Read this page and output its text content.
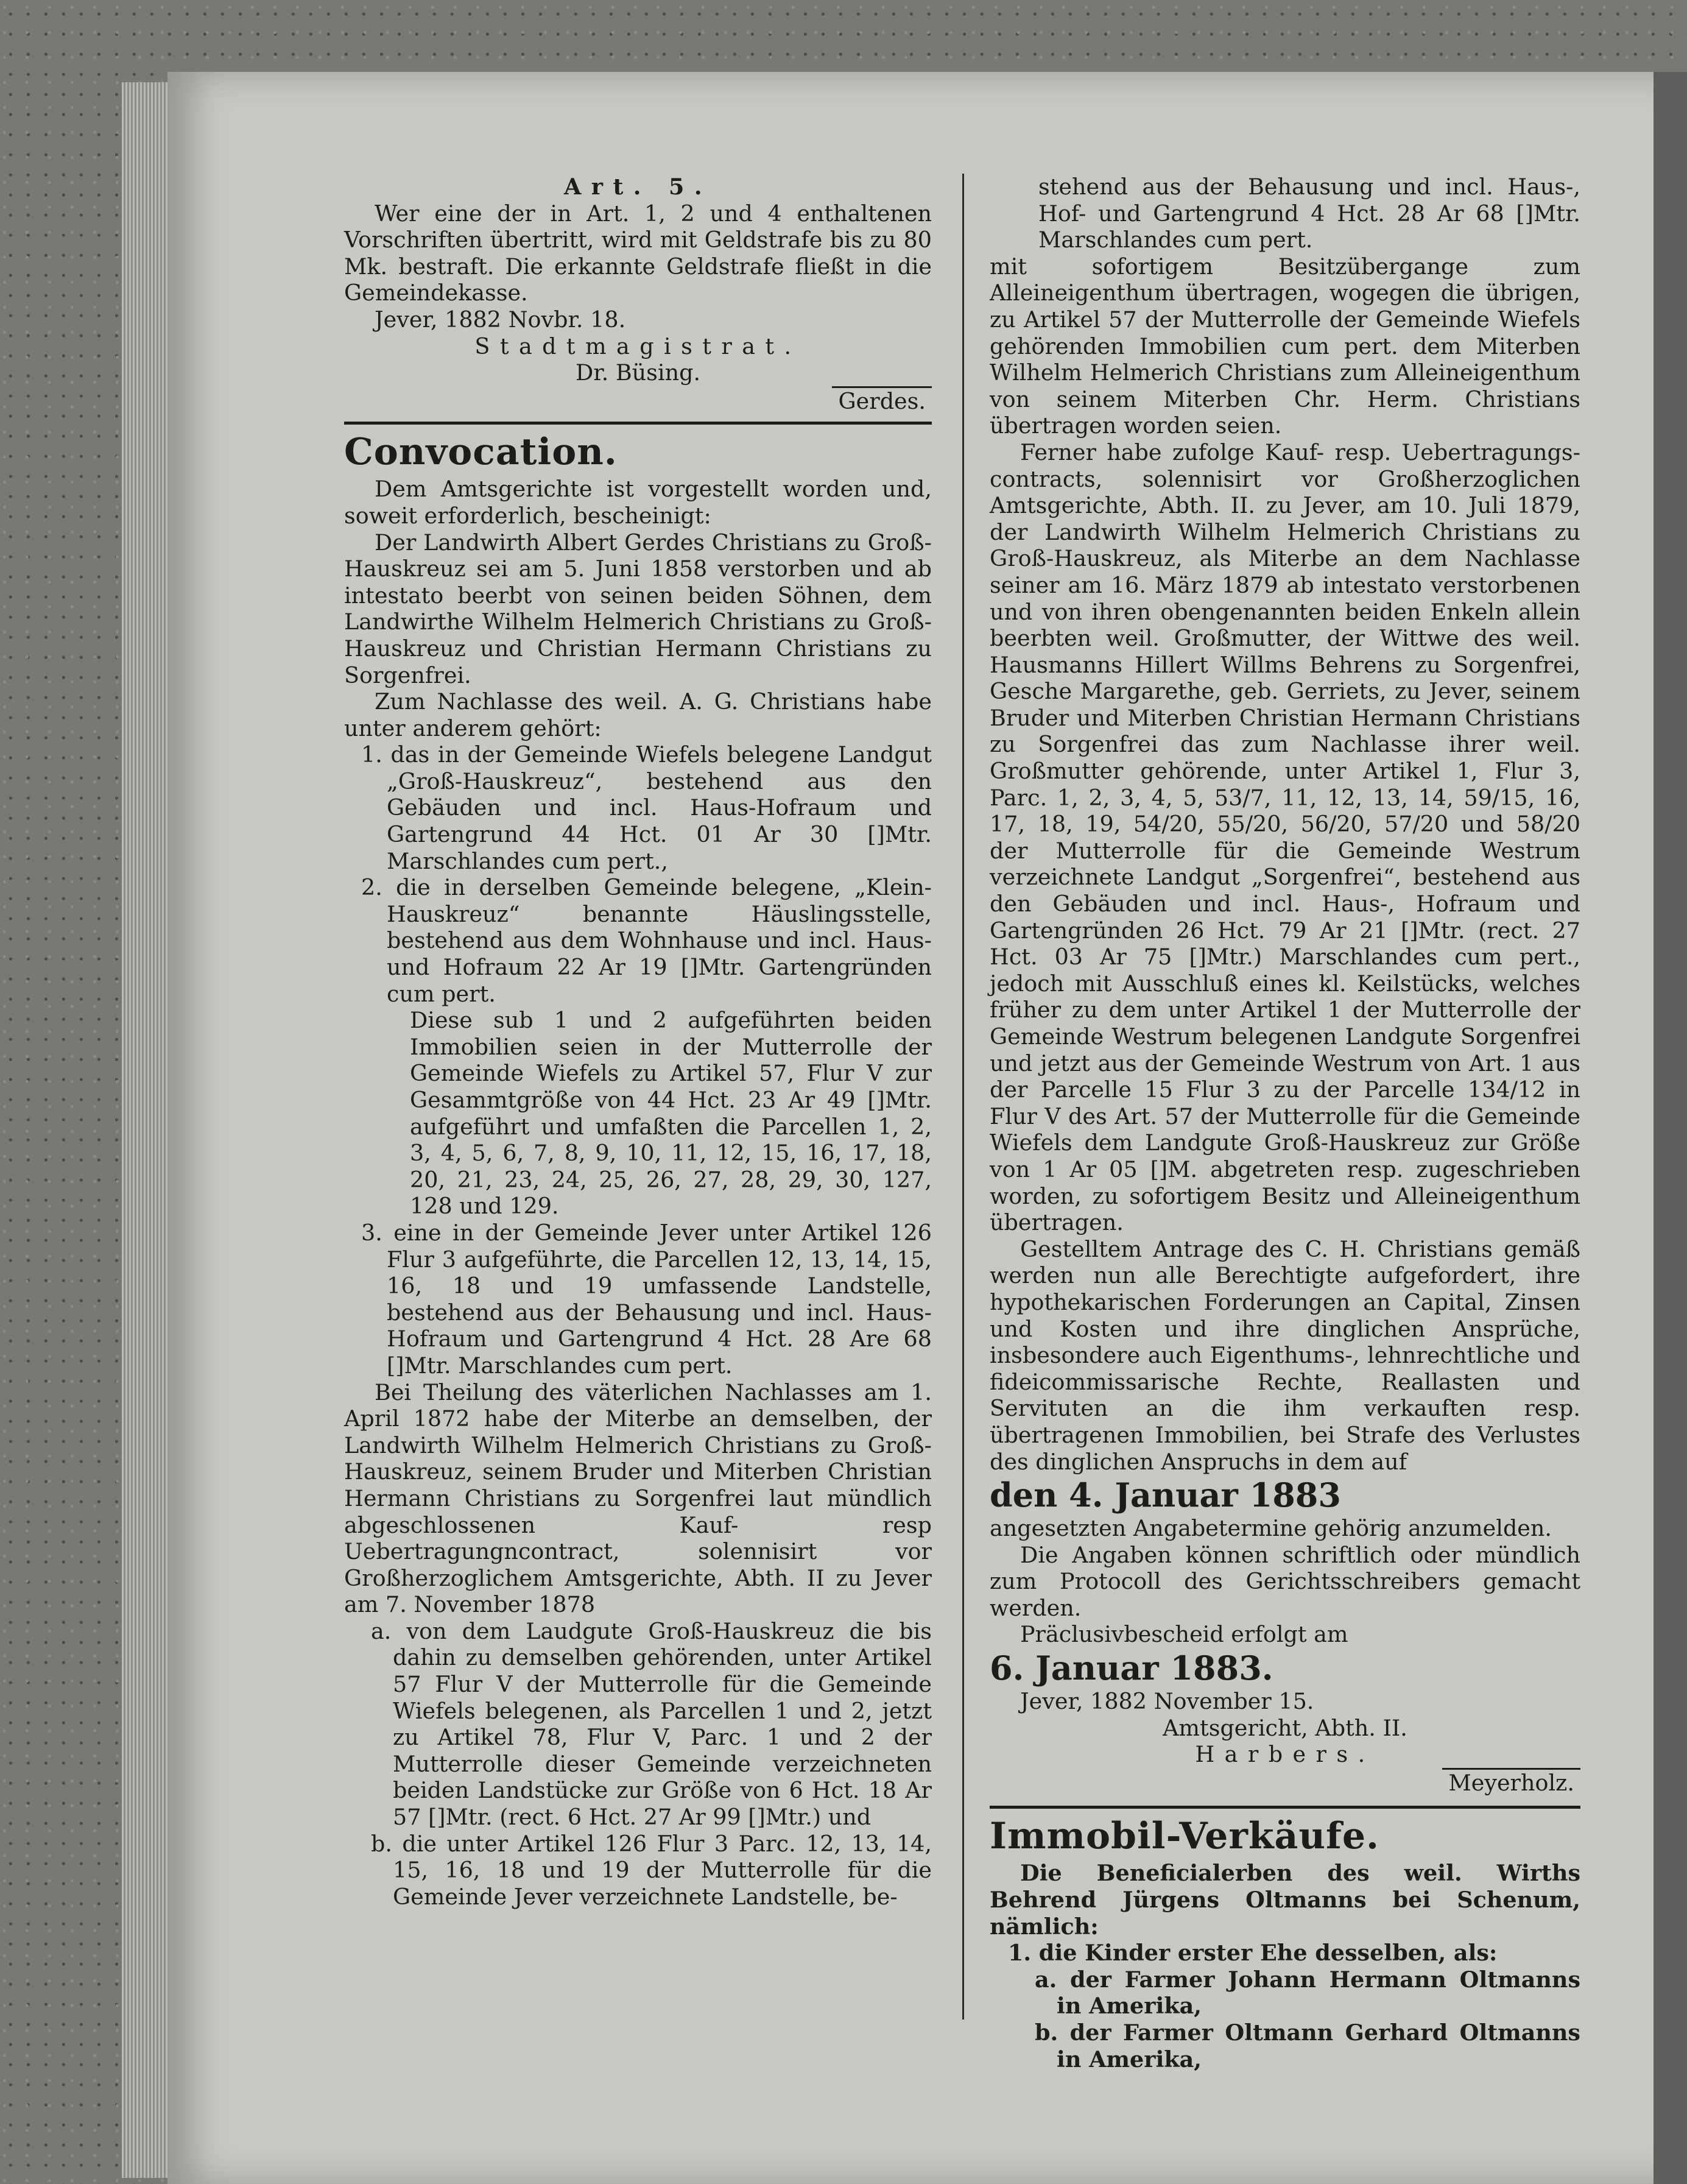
Art. 5.

Wer eine der in Art. 1, 2 und 4 enthaltenen Vorschriften übertritt, wird mit Geldstrafe bis zu 80 Mk. bestraft. Die erkannte Geldstrafe fließt in die Gemeindekasse.

Jever, 1882 Novbr. 18.

Stadtmagistrat.

Dr. Büsing.

Gerdes.

Convocation.

Dem Amtsgerichte ist vorgestellt worden und, soweit erforderlich, bescheinigt:

Der Landwirth Albert Gerdes Christians zu Groß-Hauskreuz sei am 5. Juni 1858 verstorben und ab intestato beerbt von seinen beiden Söhnen, dem Landwirthe Wilhelm Helmerich Christians zu Groß-Hauskreuz und Christian Hermann Christians zu Sorgenfrei.

Zum Nachlasse des weil. A. G. Christians habe unter anderem gehört:

1. das in der Gemeinde Wiefels belegene Landgut „Groß-Hauskreuz“, bestehend aus den Gebäuden und incl. Haus-Hofraum und Gartengrund 44 Hct. 01 Ar 30 []Mtr. Marschlandes cum pert.,

2. die in derselben Gemeinde belegene, „Klein-Hauskreuz“ benannte Häuslingsstelle, bestehend aus dem Wohnhause und incl. Haus- und Hofraum 22 Ar 19 []Mtr. Gartengründen cum pert.

Diese sub 1 und 2 aufgeführten beiden Immobilien seien in der Mutterrolle der Gemeinde Wiefels zu Artikel 57, Flur V zur Gesammtgröße von 44 Hct. 23 Ar 49 []Mtr. aufgeführt und umfaßten die Parcellen 1, 2, 3, 4, 5, 6, 7, 8, 9, 10, 11, 12, 15, 16, 17, 18, 20, 21, 23, 24, 25, 26, 27, 28, 29, 30, 127, 128 und 129.

3. eine in der Gemeinde Jever unter Artikel 126 Flur 3 aufgeführte, die Parcellen 12, 13, 14, 15, 16, 18 und 19 umfassende Landstelle, bestehend aus der Behausung und incl. Haus-Hofraum und Gartengrund 4 Hct. 28 Are 68 []Mtr. Marschlandes cum pert.

Bei Theilung des väterlichen Nachlasses am 1. April 1872 habe der Miterbe an demselben, der Landwirth Wilhelm Helmerich Christians zu Groß-Hauskreuz, seinem Bruder und Miterben Christian Hermann Christians zu Sorgenfrei laut mündlich abgeschlossenen Kauf- resp Uebertragungncontract, solennisirt vor Großherzoglichem Amtsgerichte, Abth. II zu Jever am 7. November 1878

a. von dem Laudgute Groß-Hauskreuz die bis dahin zu demselben gehörenden, unter Artikel 57 Flur V der Mutterrolle für die Gemeinde Wiefels belegenen, als Parcellen 1 und 2, jetzt zu Artikel 78, Flur V, Parc. 1 und 2 der Mutterrolle dieser Gemeinde verzeichneten beiden Landstücke zur Größe von 6 Hct. 18 Ar 57 []Mtr. (rect. 6 Hct. 27 Ar 99 []Mtr.) und

b. die unter Artikel 126 Flur 3 Parc. 12, 13, 14, 15, 16, 18 und 19 der Mutterrolle für die Gemeinde Jever verzeichnete Landstelle, be-

stehend aus der Behausung und incl. Haus-, Hof- und Gartengrund 4 Hct. 28 Ar 68 []Mtr. Marschlandes cum pert.

mit sofortigem Besitzübergange zum Alleineigenthum übertragen, wogegen die übrigen, zu Artikel 57 der Mutterrolle der Gemeinde Wiefels gehörenden Immobilien cum pert. dem Miterben Wilhelm Helmerich Christians zum Alleineigenthum von seinem Miterben Chr. Herm. Christians übertragen worden seien.

Ferner habe zufolge Kauf- resp. Uebertragungs-contracts, solennisirt vor Großherzoglichen Amtsgerichte, Abth. II. zu Jever, am 10. Juli 1879, der Landwirth Wilhelm Helmerich Christians zu Groß-Hauskreuz, als Miterbe an dem Nachlasse seiner am 16. März 1879 ab intestato verstorbenen und von ihren obengenannten beiden Enkeln allein beerbten weil. Großmutter, der Wittwe des weil. Hausmanns Hillert Willms Behrens zu Sorgenfrei, Gesche Margarethe, geb. Gerriets, zu Jever, seinem Bruder und Miterben Christian Hermann Christians zu Sorgenfrei das zum Nachlasse ihrer weil. Großmutter gehörende, unter Artikel 1, Flur 3, Parc. 1, 2, 3, 4, 5, 53/7, 11, 12, 13, 14, 59/15, 16, 17, 18, 19, 54/20, 55/20, 56/20, 57/20 und 58/20 der Mutterrolle für die Gemeinde Westrum verzeichnete Landgut „Sorgenfrei“, bestehend aus den Gebäuden und incl. Haus-, Hofraum und Gartengründen 26 Hct. 79 Ar 21 []Mtr. (rect. 27 Hct. 03 Ar 75 []Mtr.) Marschlandes cum pert., jedoch mit Ausschluß eines kl. Keilstücks, welches früher zu dem unter Artikel 1 der Mutterrolle der Gemeinde Westrum belegenen Landgute Sorgenfrei und jetzt aus der Gemeinde Westrum von Art. 1 aus der Parcelle 15 Flur 3 zu der Parcelle 134/12 in Flur V des Art. 57 der Mutterrolle für die Gemeinde Wiefels dem Landgute Groß-Hauskreuz zur Größe von 1 Ar 05 []M. abgetreten resp. zugeschrieben worden, zu sofortigem Besitz und Alleineigenthum übertragen.

Gestelltem Antrage des C. H. Christians gemäß werden nun alle Berechtigte aufgefordert, ihre hypothekarischen Forderungen an Capital, Zinsen und Kosten und ihre dinglichen Ansprüche, insbesondere auch Eigenthums-, lehnrechtliche und fideicommissarische Rechte, Reallasten und Servituten an die ihm verkauften resp. übertragenen Immobilien, bei Strafe des Verlustes des dinglichen Anspruchs in dem auf

den 4. Januar 1883

angesetzten Angabetermine gehörig anzumelden.

Die Angaben können schriftlich oder mündlich zum Protocoll des Gerichtsschreibers gemacht werden.

Präclusivbescheid erfolgt am

6. Januar 1883.

Jever, 1882 November 15.

Amtsgericht, Abth. II.

Harbers.

Meyerholz.

Immobil-Verkäufe.

Die Beneficialerben des weil. Wirths Behrend Jürgens Oltmanns bei Schenum, nämlich:

1. die Kinder erster Ehe desselben, als:

a. der Farmer Johann Hermann Oltmanns in Amerika,

b. der Farmer Oltmann Gerhard Oltmanns in Amerika,
